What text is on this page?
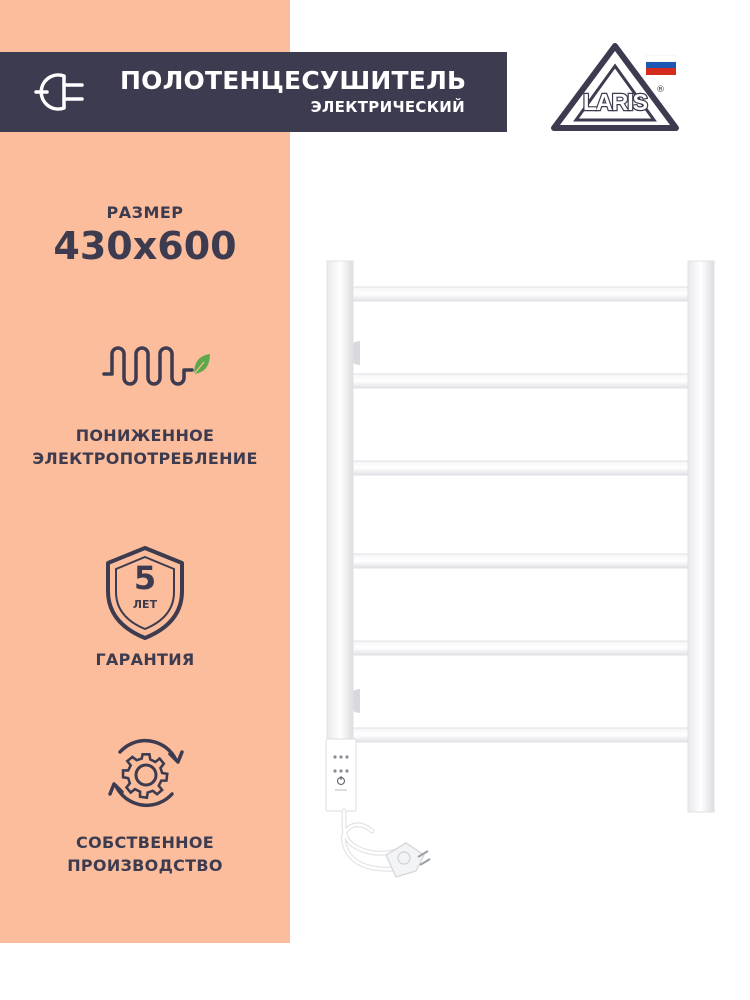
ПОЛОТЕНЦЕСУШИТЕЛЬ
ЭЛЕКТРИЧЕСКИЙ	LARIS ®
РАЗМЕР
430x600
ПОНИЖЕННОЕ
ЭЛЕКТРОПОТРЕБЛЕНИЕ
5
ЛЕТ
ГАРАНТИЯ
СОБСТВЕННОЕ
ПРОИЗВОДСТВО
